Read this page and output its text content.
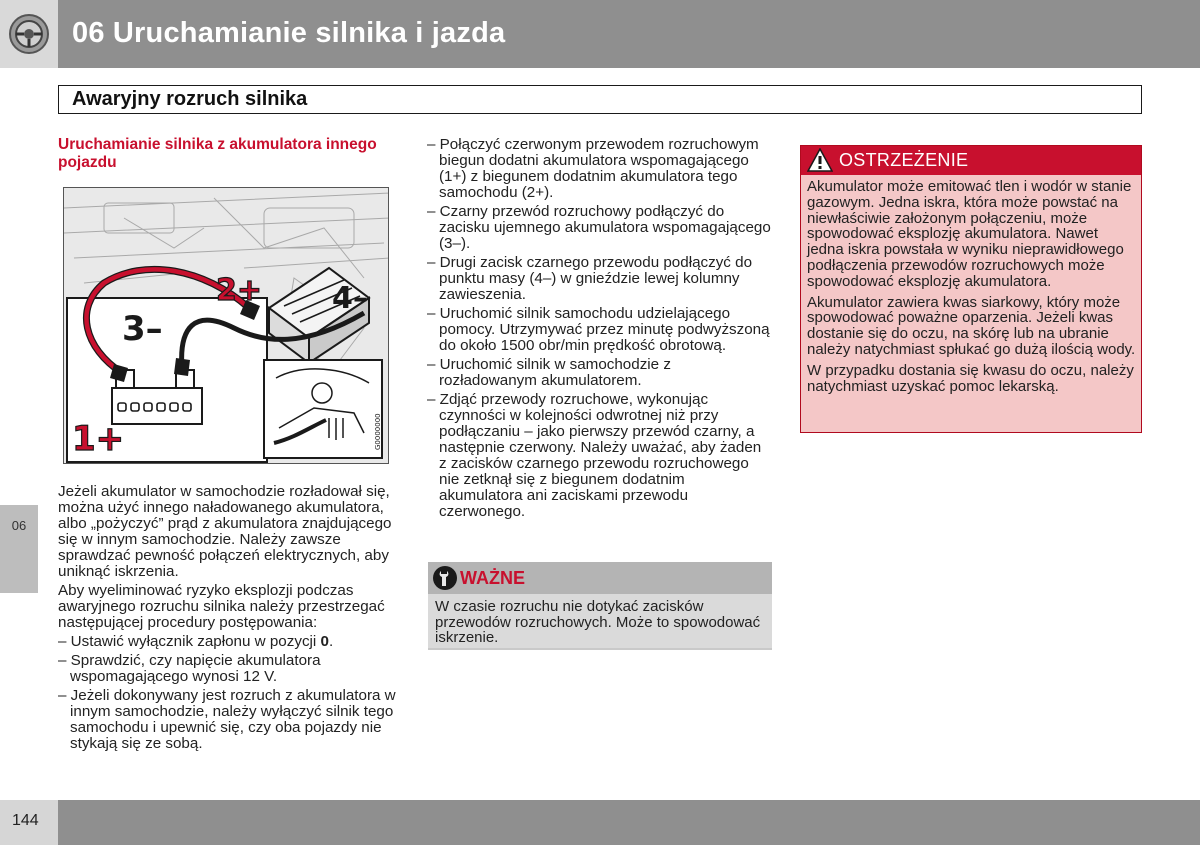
06 Uruchamianie silnika i jazda
Awaryjny rozruch silnika
06
Uruchamianie silnika z akumulatora innego pojazdu
1+
2+
3–
4–
G0000000

Jeżeli akumulator w samochodzie rozładował się, można użyć innego naładowanego akumulatora, albo „pożyczyć” prąd z akumulatora znajdującego się w innym samochodzie. Należy zawsze sprawdzać pewność połączeń elektrycznych, aby uniknąć iskrzenia.

Aby wyeliminować ryzyko eksplozji podczas awaryjnego rozruchu silnika należy przestrzegać następującej procedury postępowania:

– Ustawić wyłącznik zapłonu w pozycji 0.

– Sprawdzić, czy napięcie akumulatora wspomagającego wynosi 12 V.

– Jeżeli dokonywany jest rozruch z akumulatora w innym samochodzie, należy wyłączyć silnik tego samochodu i upewnić się, czy oba pojazdy nie stykają się ze sobą.

– Połączyć czerwonym przewodem rozruchowym biegun dodatni akumulatora wspomagającego (1+) z biegunem dodatnim akumulatora tego samochodu (2+).

– Czarny przewód rozruchowy podłączyć do zacisku ujemnego akumulatora wspomagającego (3–).

– Drugi zacisk czarnego przewodu podłączyć do punktu masy (4–) w gnieździe lewej kolumny zawieszenia.

– Uruchomić silnik samochodu udzielającego pomocy. Utrzymywać przez minutę podwyższoną do około 1500 obr/min prędkość obrotową.

– Uruchomić silnik w samochodzie z rozładowanym akumulatorem.

– Zdjąć przewody rozruchowe, wykonując czynności w kolejności odwrotnej niż przy podłączaniu – jako pierwszy przewód czarny, a następnie czerwony. Należy uważać, aby żaden z zacisków czarnego przewodu rozruchowego nie zetknął się z biegunem dodatnim akumulatora ani zaciskami przewodu czerwonego.

WAŻNE
W czasie rozruchu nie dotykać zacisków przewodów rozruchowych. Może to spowodować iskrzenie.
OSTRZEŻENIE

Akumulator może emitować tlen i wodór w stanie gazowym. Jedna iskra, która może powstać na niewłaściwie założonym połączeniu, może spowodować eksplozję akumulatora. Nawet jedna iskra powstała w wyniku nieprawidłowego podłączenia przewodów rozruchowych może spowodować eksplozję akumulatora.

Akumulator zawiera kwas siarkowy, który może spowodować poważne oparzenia. Jeżeli kwas dostanie się do oczu, na skórę lub na ubranie należy natychmiast spłukać go dużą ilością wody.

W przypadku dostania się kwasu do oczu, należy natychmiast uzyskać pomoc lekarską.

144
